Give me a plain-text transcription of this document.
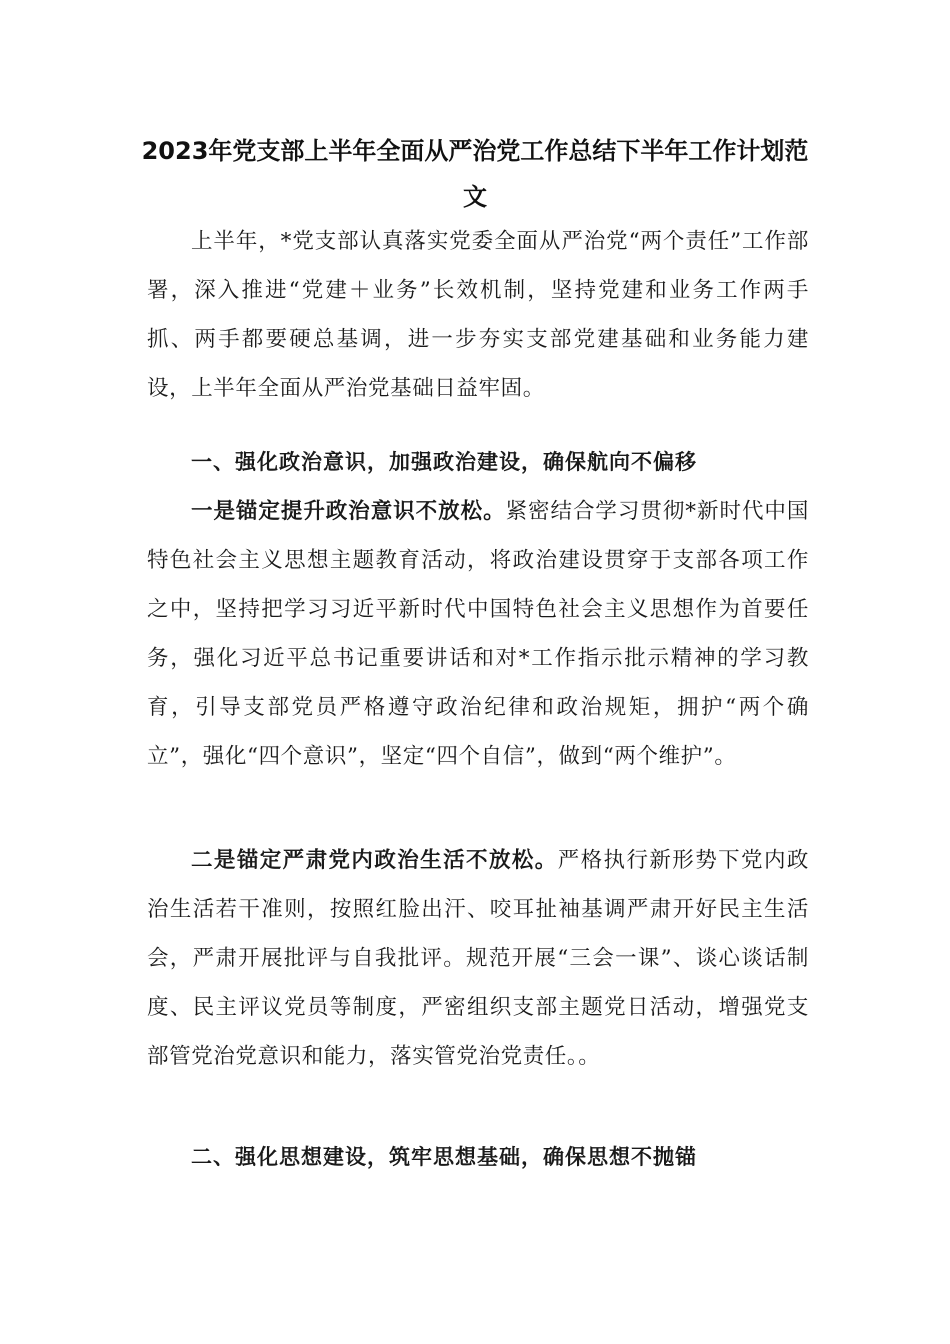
2023年党支部上半年全面从严治党工作总结下半年工作计划范文

上半年，*党支部认真落实党委全面从严治党“两个责任”工作部署，深入推进“党建＋业务”长效机制，坚持党建和业务工作两手抓、两手都要硬总基调，进一步夯实支部党建基础和业务能力建设，上半年全面从严治党基础日益牢固。

一、强化政治意识，加强政治建设，确保航向不偏移

一是锚定提升政治意识不放松。紧密结合学习贯彻*新时代中国特色社会主义思想主题教育活动，将政治建设贯穿于支部各项工作之中，坚持把学习习近平新时代中国特色社会主义思想作为首要任务，强化习近平总书记重要讲话和对*工作指示批示精神的学习教育，引导支部党员严格遵守政治纪律和政治规矩，拥护“两个确立”，强化“四个意识”，坚定“四个自信”，做到“两个维护”。

二是锚定严肃党内政治生活不放松。严格执行新形势下党内政治生活若干准则，按照红脸出汗、咬耳扯袖基调严肃开好民主生活会，严肃开展批评与自我批评。规范开展“三会一课”、谈心谈话制度、民主评议党员等制度，严密组织支部主题党日活动，增强党支部管党治党意识和能力，落实管党治党责任。。

二、强化思想建设，筑牢思想基础，确保思想不抛锚
